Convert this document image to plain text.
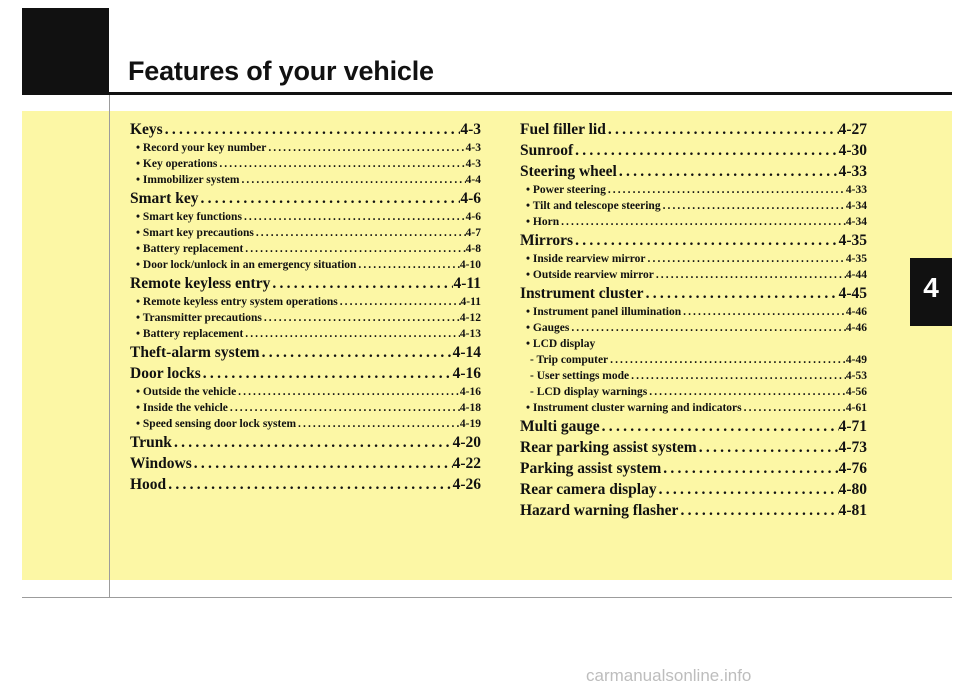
Features of your vehicle
4
Keys . . .	4-3
• Record your key number . . .	4-3
• Key operations . . .	4-3
• Immobilizer system . . .	4-4
Smart key . . .	4-6
• Smart key functions . . .	4-6
• Smart key precautions . . .	4-7
• Battery replacement . . .	4-8
• Door lock/unlock in an emergency situation . . .	4-10
Remote keyless entry . . .	4-11
• Remote keyless entry system operations . . .	4-11
• Transmitter precautions . . .	4-12
• Battery replacement . . .	4-13
Theft-alarm system . . .	4-14
Door locks . . .	4-16
• Outside the vehicle . . .	4-16
• Inside the vehicle . . .	4-18
• Speed sensing door lock system . . .	4-19
Trunk . . .	4-20
Windows . . .	4-22
Hood . . .	4-26
Fuel filler lid . . .	4-27
Sunroof . . .	4-30
Steering wheel . . .	4-33
• Power steering . . .	4-33
• Tilt and telescope steering . . .	4-34
• Horn . . .	4-34
Mirrors . . .	4-35
• Inside rearview mirror . . .	4-35
• Outside rearview mirror . . .	4-44
Instrument cluster . . .	4-45
• Instrument panel illumination . . .	4-46
• Gauges . . .	4-46
• LCD display
- Trip computer . . .	4-49
- User settings mode . . .	4-53
- LCD display warnings . . .	4-56
• Instrument cluster warning and indicators . . .	4-61
Multi gauge . . .	4-71
Rear parking assist system . . .	4-73
Parking assist system . . .	4-76
Rear camera display . . .	4-80
Hazard warning flasher . . .	4-81
carmanualsonline.info
